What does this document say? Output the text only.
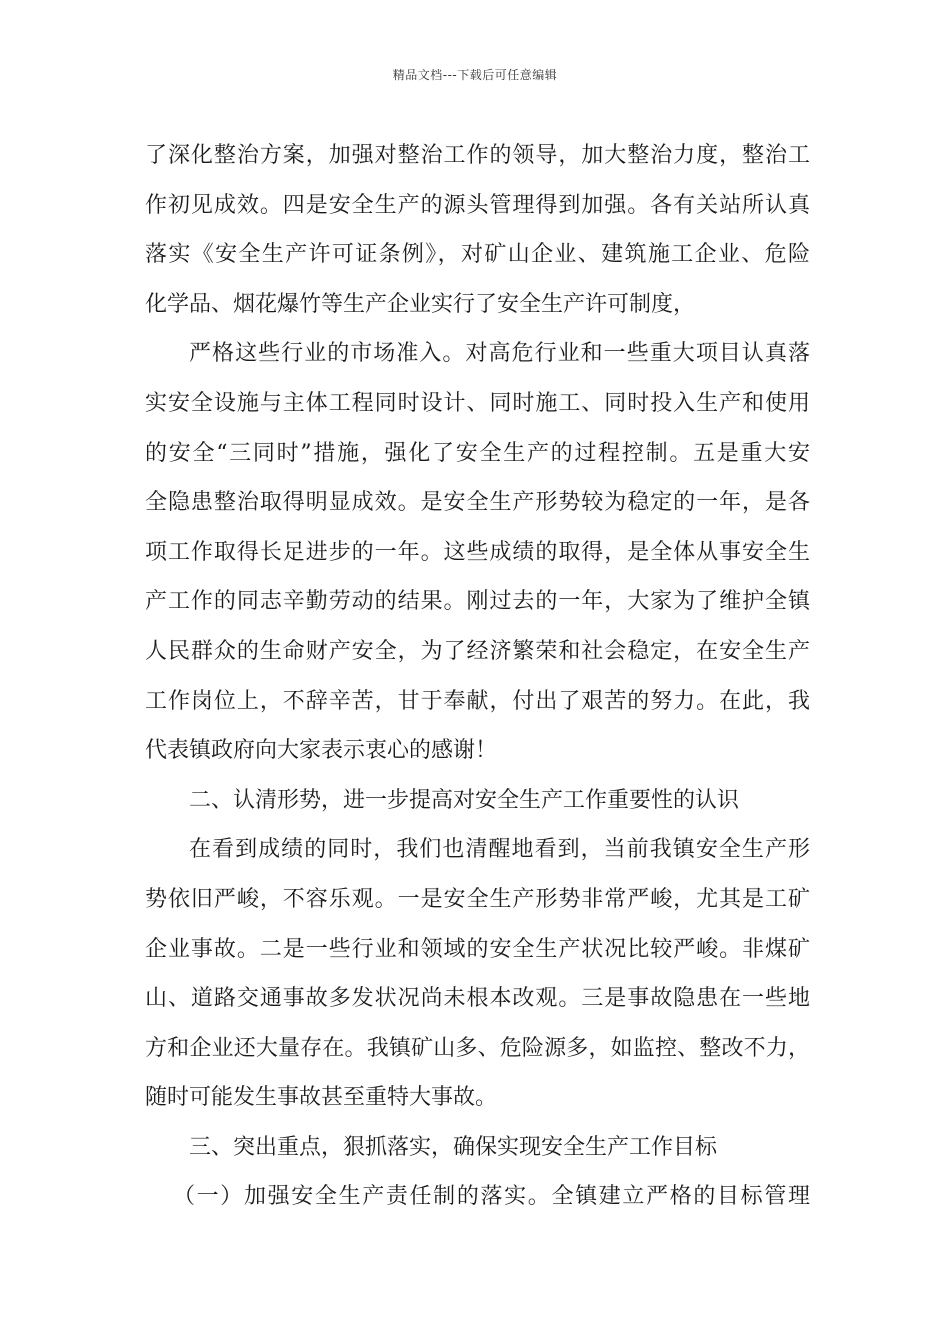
精品文档---下载后可任意编辑
了深化整治方案，加强对整治工作的领导，加大整治力度，整治工
作初见成效。四是安全生产的源头管理得到加强。各有关站所认真
落实《安全生产许可证条例》，对矿山企业、建筑施工企业、危险
化学品、烟花爆竹等生产企业实行了安全生产许可制度，
严格这些行业的市场准入。对高危行业和一些重大项目认真落
实安全设施与主体工程同时设计、同时施工、同时投入生产和使用
的安全“三同时”措施，强化了安全生产的过程控制。五是重大安
全隐患整治取得明显成效。是安全生产形势较为稳定的一年，是各
项工作取得长足进步的一年。这些成绩的取得，是全体从事安全生
产工作的同志辛勤劳动的结果。刚过去的一年，大家为了维护全镇
人民群众的生命财产安全，为了经济繁荣和社会稳定，在安全生产
工作岗位上，不辞辛苦，甘于奉献，付出了艰苦的努力。在此，我
代表镇政府向大家表示衷心的感谢！
二、认清形势，进一步提高对安全生产工作重要性的认识
在看到成绩的同时，我们也清醒地看到，当前我镇安全生产形
势依旧严峻，不容乐观。一是安全生产形势非常严峻，尤其是工矿
企业事故。二是一些行业和领域的安全生产状况比较严峻。非煤矿
山、道路交通事故多发状况尚未根本改观。三是事故隐患在一些地
方和企业还大量存在。我镇矿山多、危险源多，如监控、整改不力，
随时可能发生事故甚至重特大事故。
三、突出重点，狠抓落实，确保实现安全生产工作目标
（一）加强安全生产责任制的落实。全镇建立严格的目标管理
